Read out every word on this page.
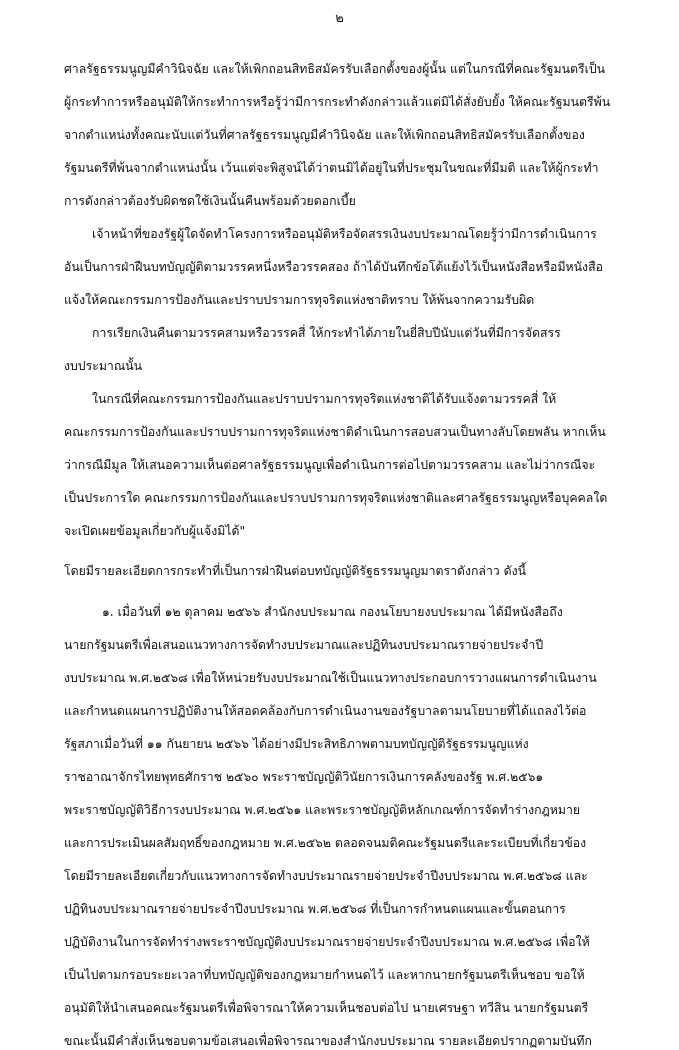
๒
ศาลรัฐธรรมนูญมีคำวินิจฉัย และให้เพิกถอนสิทธิสมัครรับเลือกตั้งของผู้นั้น แต่ในกรณีที่คณะรัฐมนตรีเป็น
ผู้กระทำการหรืออนุมัติให้กระทำการหรือรู้ว่ามีการกระทำดังกล่าวแล้วแต่มิได้สั่งยับยั้ง ให้คณะรัฐมนตรีพ้น
จากตำแหน่งทั้งคณะนับแต่วันที่ศาลรัฐธรรมนูญมีคำวินิจฉัย และให้เพิกถอนสิทธิสมัครรับเลือกตั้งของ
รัฐมนตรีที่พ้นจากตำแหน่งนั้น เว้นแต่จะพิสูจน์ได้ว่าตนมิได้อยู่ในที่ประชุมในขณะที่มีมติ และให้ผู้กระทำ
การดังกล่าวต้องรับผิดชดใช้เงินนั้นคืนพร้อมด้วยดอกเบี้ย
เจ้าหน้าที่ของรัฐผู้ใดจัดทำโครงการหรืออนุมัติหรือจัดสรรเงินงบประมาณโดยรู้ว่ามีการดำเนินการ
อันเป็นการฝ่าฝืนบทบัญญัติตามวรรคหนึ่งหรือวรรคสอง ถ้าได้บันทึกข้อโต้แย้งไว้เป็นหนังสือหรือมีหนังสือ
แจ้งให้คณะกรรมการป้องกันและปราบปรามการทุจริตแห่งชาติทราบ ให้พ้นจากความรับผิด
การเรียกเงินคืนตามวรรคสามหรือวรรคสี่ ให้กระทำได้ภายในยี่สิบปีนับแต่วันที่มีการจัดสรร
งบประมาณนั้น
ในกรณีที่คณะกรรมการป้องกันและปราบปรามการทุจริตแห่งชาติได้รับแจ้งตามวรรคสี่ ให้
คณะกรรมการป้องกันและปราบปรามการทุจริตแห่งชาติดำเนินการสอบสวนเป็นทางลับโดยพลัน หากเห็น
ว่ากรณีมีมูล ให้เสนอความเห็นต่อศาลรัฐธรรมนูญเพื่อดำเนินการต่อไปตามวรรคสาม และไม่ว่ากรณีจะ
เป็นประการใด คณะกรรมการป้องกันและปราบปรามการทุจริตแห่งชาติและศาลรัฐธรรมนูญหรือบุคคลใด
จะเปิดเผยข้อมูลเกี่ยวกับผู้แจ้งมิได้"
โดยมีรายละเอียดการกระทำที่เป็นการฝ่าฝืนต่อบทบัญญัติรัฐธรรมนูญมาตราดังกล่าว ดังนี้
๑. เมื่อวันที่ ๑๒ ตุลาคม ๒๕๖๖ สำนักงบประมาณ กองนโยบายงบประมาณ ได้มีหนังสือถึง
นายกรัฐมนตรีเพื่อเสนอแนวทางการจัดทำงบประมาณและปฏิทินงบประมาณรายจ่ายประจำปี
งบประมาณ พ.ศ.๒๕๖๘ เพื่อให้หน่วยรับงบประมาณใช้เป็นแนวทางประกอบการวางแผนการดำเนินงาน
และกำหนดแผนการปฏิบัติงานให้สอดคล้องกับการดำเนินงานของรัฐบาลตามนโยบายที่ได้แถลงไว้ต่อ
รัฐสภาเมื่อวันที่ ๑๑ กันยายน ๒๕๖๖ ได้อย่างมีประสิทธิภาพตามบทบัญญัติรัฐธรรมนูญแห่ง
ราชอาณาจักรไทยพุทธศักราช ๒๕๖๐ พระราชบัญญัติวินัยการเงินการคลังของรัฐ พ.ศ.๒๕๖๑
พระราชบัญญัติวิธีการงบประมาณ พ.ศ.๒๕๖๑ และพระราชบัญญัติหลักเกณฑ์การจัดทำร่างกฎหมาย
และการประเมินผลสัมฤทธิ์ของกฎหมาย พ.ศ.๒๕๖๒ ตลอดจนมติคณะรัฐมนตรีและระเบียบที่เกี่ยวข้อง
โดยมีรายละเอียดเกี่ยวกับแนวทางการจัดทำงบประมาณรายจ่ายประจำปีงบประมาณ พ.ศ.๒๕๖๘ และ
ปฏิทินงบประมาณรายจ่ายประจำปีงบประมาณ พ.ศ.๒๕๖๘ ที่เป็นการกำหนดแผนและขั้นตอนการ
ปฏิบัติงานในการจัดทำร่างพระราชบัญญัติงบประมาณรายจ่ายประจำปีงบประมาณ พ.ศ.๒๕๖๘ เพื่อให้
เป็นไปตามกรอบระยะเวลาที่บทบัญญัติของกฎหมายกำหนดไว้ และหากนายกรัฐมนตรีเห็นชอบ ขอให้
อนุมัติให้นำเสนอคณะรัฐมนตรีเพื่อพิจารณาให้ความเห็นชอบต่อไป นายเศรษฐา ทวีสิน นายกรัฐมนตรี
ขณะนั้นมีคำสั่งเห็นชอบตามข้อเสนอเพื่อพิจารณาของสำนักงบประมาณ รายละเอียดปรากฏตามบันทึก
